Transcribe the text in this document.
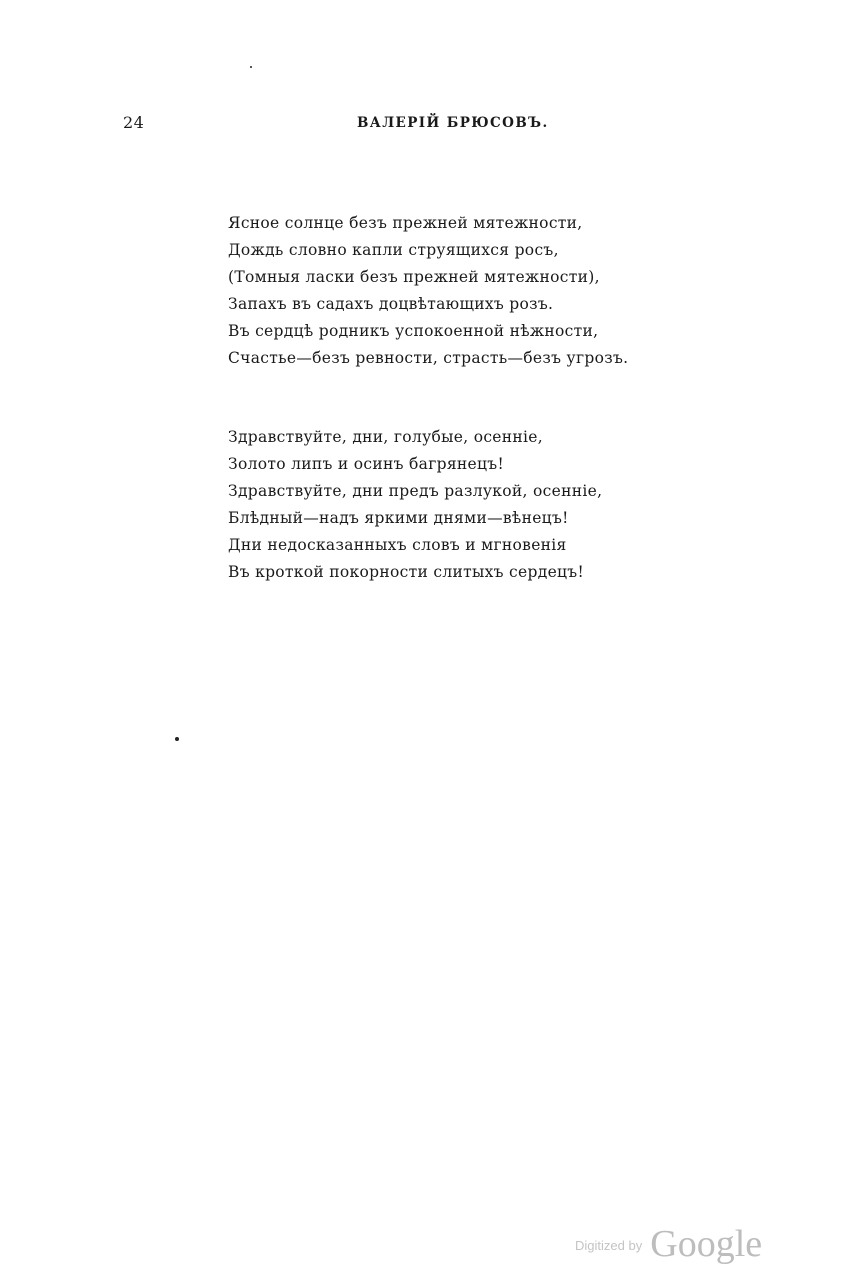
24	ВАЛЕРІЙ БРЮСОВЪ.
Ясное солнце безъ прежней мятежности,
Дождь словно капли струящихся росъ,
(Томныя ласки безъ прежней мятежности),
Запахъ въ садахъ доцвѣтающихъ розъ.
Въ сердцѣ родникъ успокоенной нѣжности,
Счастье—безъ ревности, страсть—безъ угрозъ.
Здравствуйте, дни, голубые, осенніе,
Золото липъ и осинъ багрянецъ!
Здравствуйте, дни предъ разлукой, осенніе,
Блѣдный—надъ яркими днями—вѣнецъ!
Дни недосказанныхъ словъ и мгновенія
Въ кроткой покорности слитыхъ сердецъ!
$^{Digitized by}$ Google
